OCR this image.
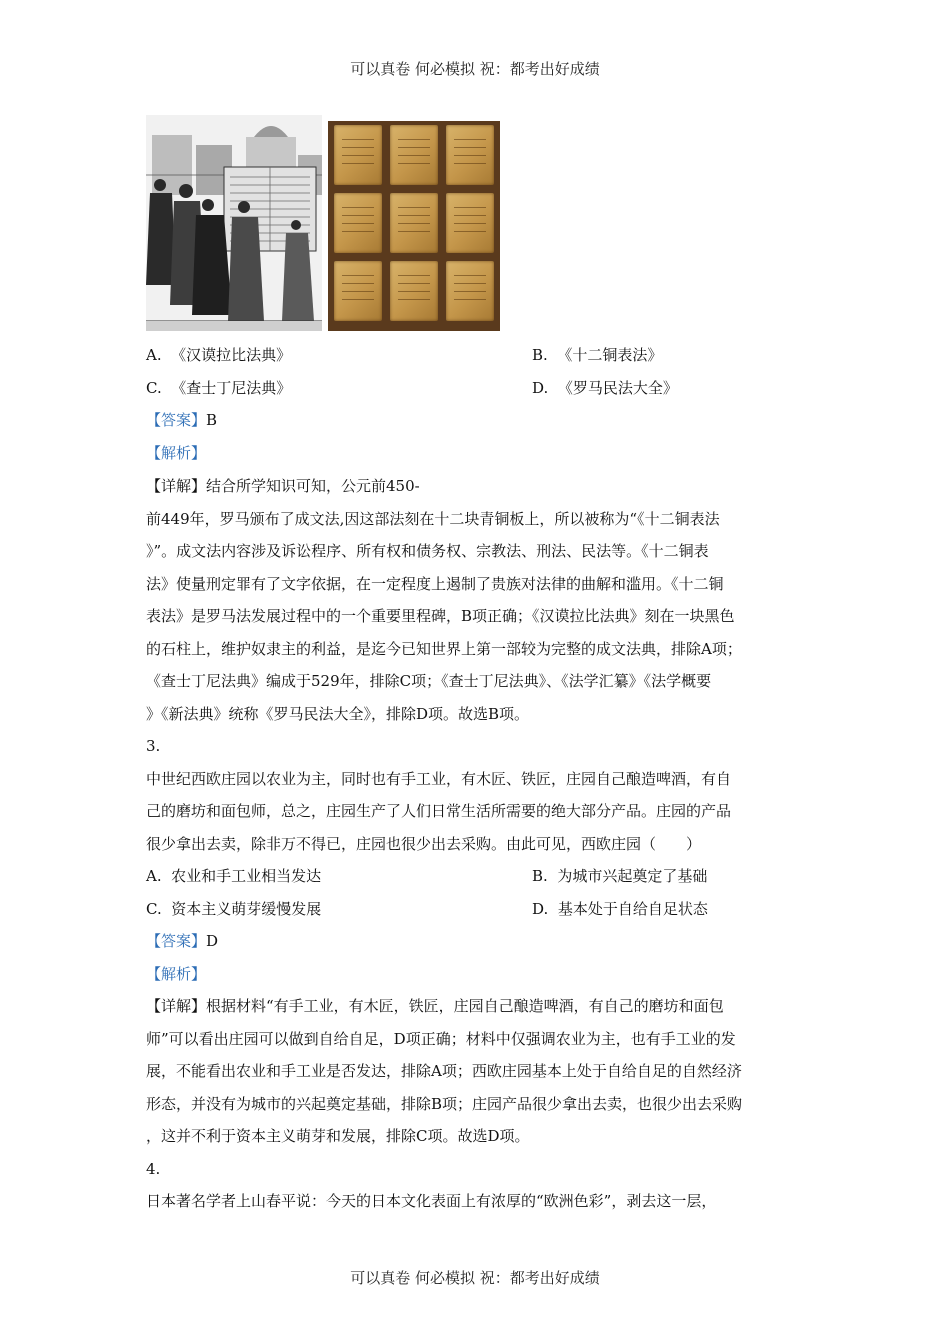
可以真卷 何必模拟 祝：都考出好成绩
A. 《汉谟拉比法典》	B. 《十二铜表法》
C. 《查士丁尼法典》	D. 《罗马民法大全》
【答案】B
【解析】
【详解】结合所学知识可知，公元前450-
前449年，罗马颁布了成文法,因这部法刻在十二块青铜板上，所以被称为“《十二铜表法
》”。成文法内容涉及诉讼程序、所有权和债务权、宗教法、刑法、民法等。《十二铜表
法》使量刑定罪有了文字依据，在一定程度上遏制了贵族对法律的曲解和滥用。《十二铜
表法》是罗马法发展过程中的一个重要里程碑，B项正确；《汉谟拉比法典》刻在一块黑色
的石柱上，维护奴隶主的利益，是迄今已知世界上第一部较为完整的成文法典，排除A项；
《查士丁尼法典》编成于529年，排除C项；《查士丁尼法典》、《法学汇纂》《法学概要
》《新法典》统称《罗马民法大全》，排除D项。故选B项。
3.
中世纪西欧庄园以农业为主，同时也有手工业，有木匠、铁匠，庄园自己酿造啤酒，有自
己的磨坊和面包师，总之，庄园生产了人们日常生活所需要的绝大部分产品。庄园的产品
很少拿出去卖，除非万不得已，庄园也很少出去采购。由此可见，西欧庄园（　　）
A. 农业和手工业相当发达	B. 为城市兴起奠定了基础
C. 资本主义萌芽缓慢发展	D. 基本处于自给自足状态
【答案】D
【解析】
【详解】根据材料“有手工业，有木匠，铁匠，庄园自己酿造啤酒，有自己的磨坊和面包
师”可以看出庄园可以做到自给自足，D项正确；材料中仅强调农业为主，也有手工业的发
展，不能看出农业和手工业是否发达，排除A项；西欧庄园基本上处于自给自足的自然经济
形态，并没有为城市的兴起奠定基础，排除B项；庄园产品很少拿出去卖，也很少出去采购
，这并不利于资本主义萌芽和发展，排除C项。故选D项。
4.
日本著名学者上山春平说：今天的日本文化表面上有浓厚的“欧洲色彩”，剥去这一层，
可以真卷 何必模拟 祝：都考出好成绩
